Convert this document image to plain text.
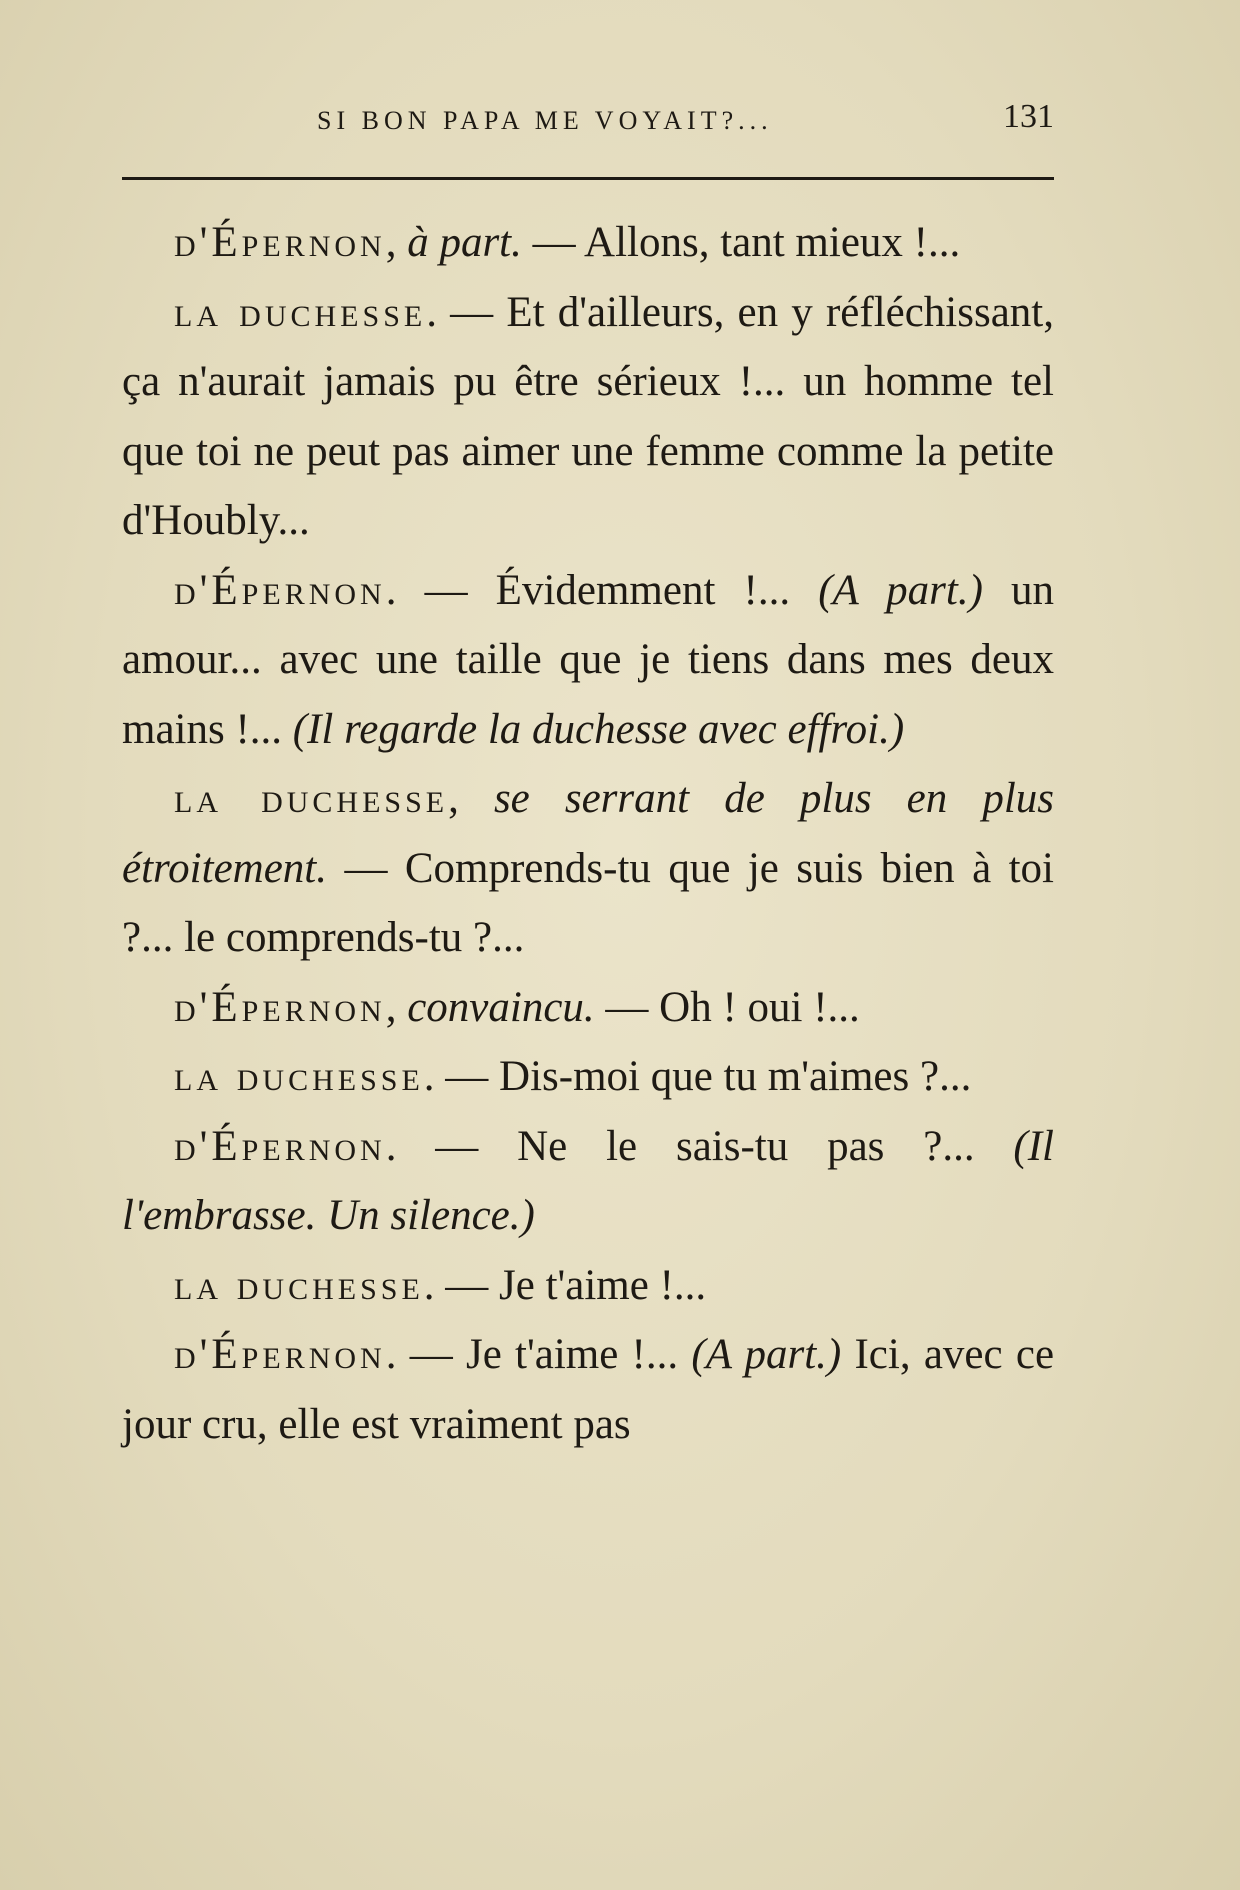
SI BON PAPA ME VOYAIT?...	131

d'Épernon, à part. — Allons, tant mieux !...

la duchesse. — Et d'ailleurs, en y réfléchissant, ça n'aurait jamais pu être sérieux !... un homme tel que toi ne peut pas aimer une femme comme la petite d'Houbly...

d'Épernon. — Évidemment !... (A part.) un amour... avec une taille que je tiens dans mes deux mains !... (Il regarde la duchesse avec effroi.)

la duchesse, se serrant de plus en plus étroitement. — Comprends-tu que je suis bien à toi ?... le comprends-tu ?...

d'Épernon, convaincu. — Oh ! oui !...

la duchesse. — Dis-moi que tu m'aimes ?...

d'Épernon. — Ne le sais-tu pas ?... (Il l'embrasse. Un silence.)

la duchesse. — Je t'aime !...

d'Épernon. — Je t'aime !... (A part.) Ici, avec ce jour cru, elle est vraiment pas
